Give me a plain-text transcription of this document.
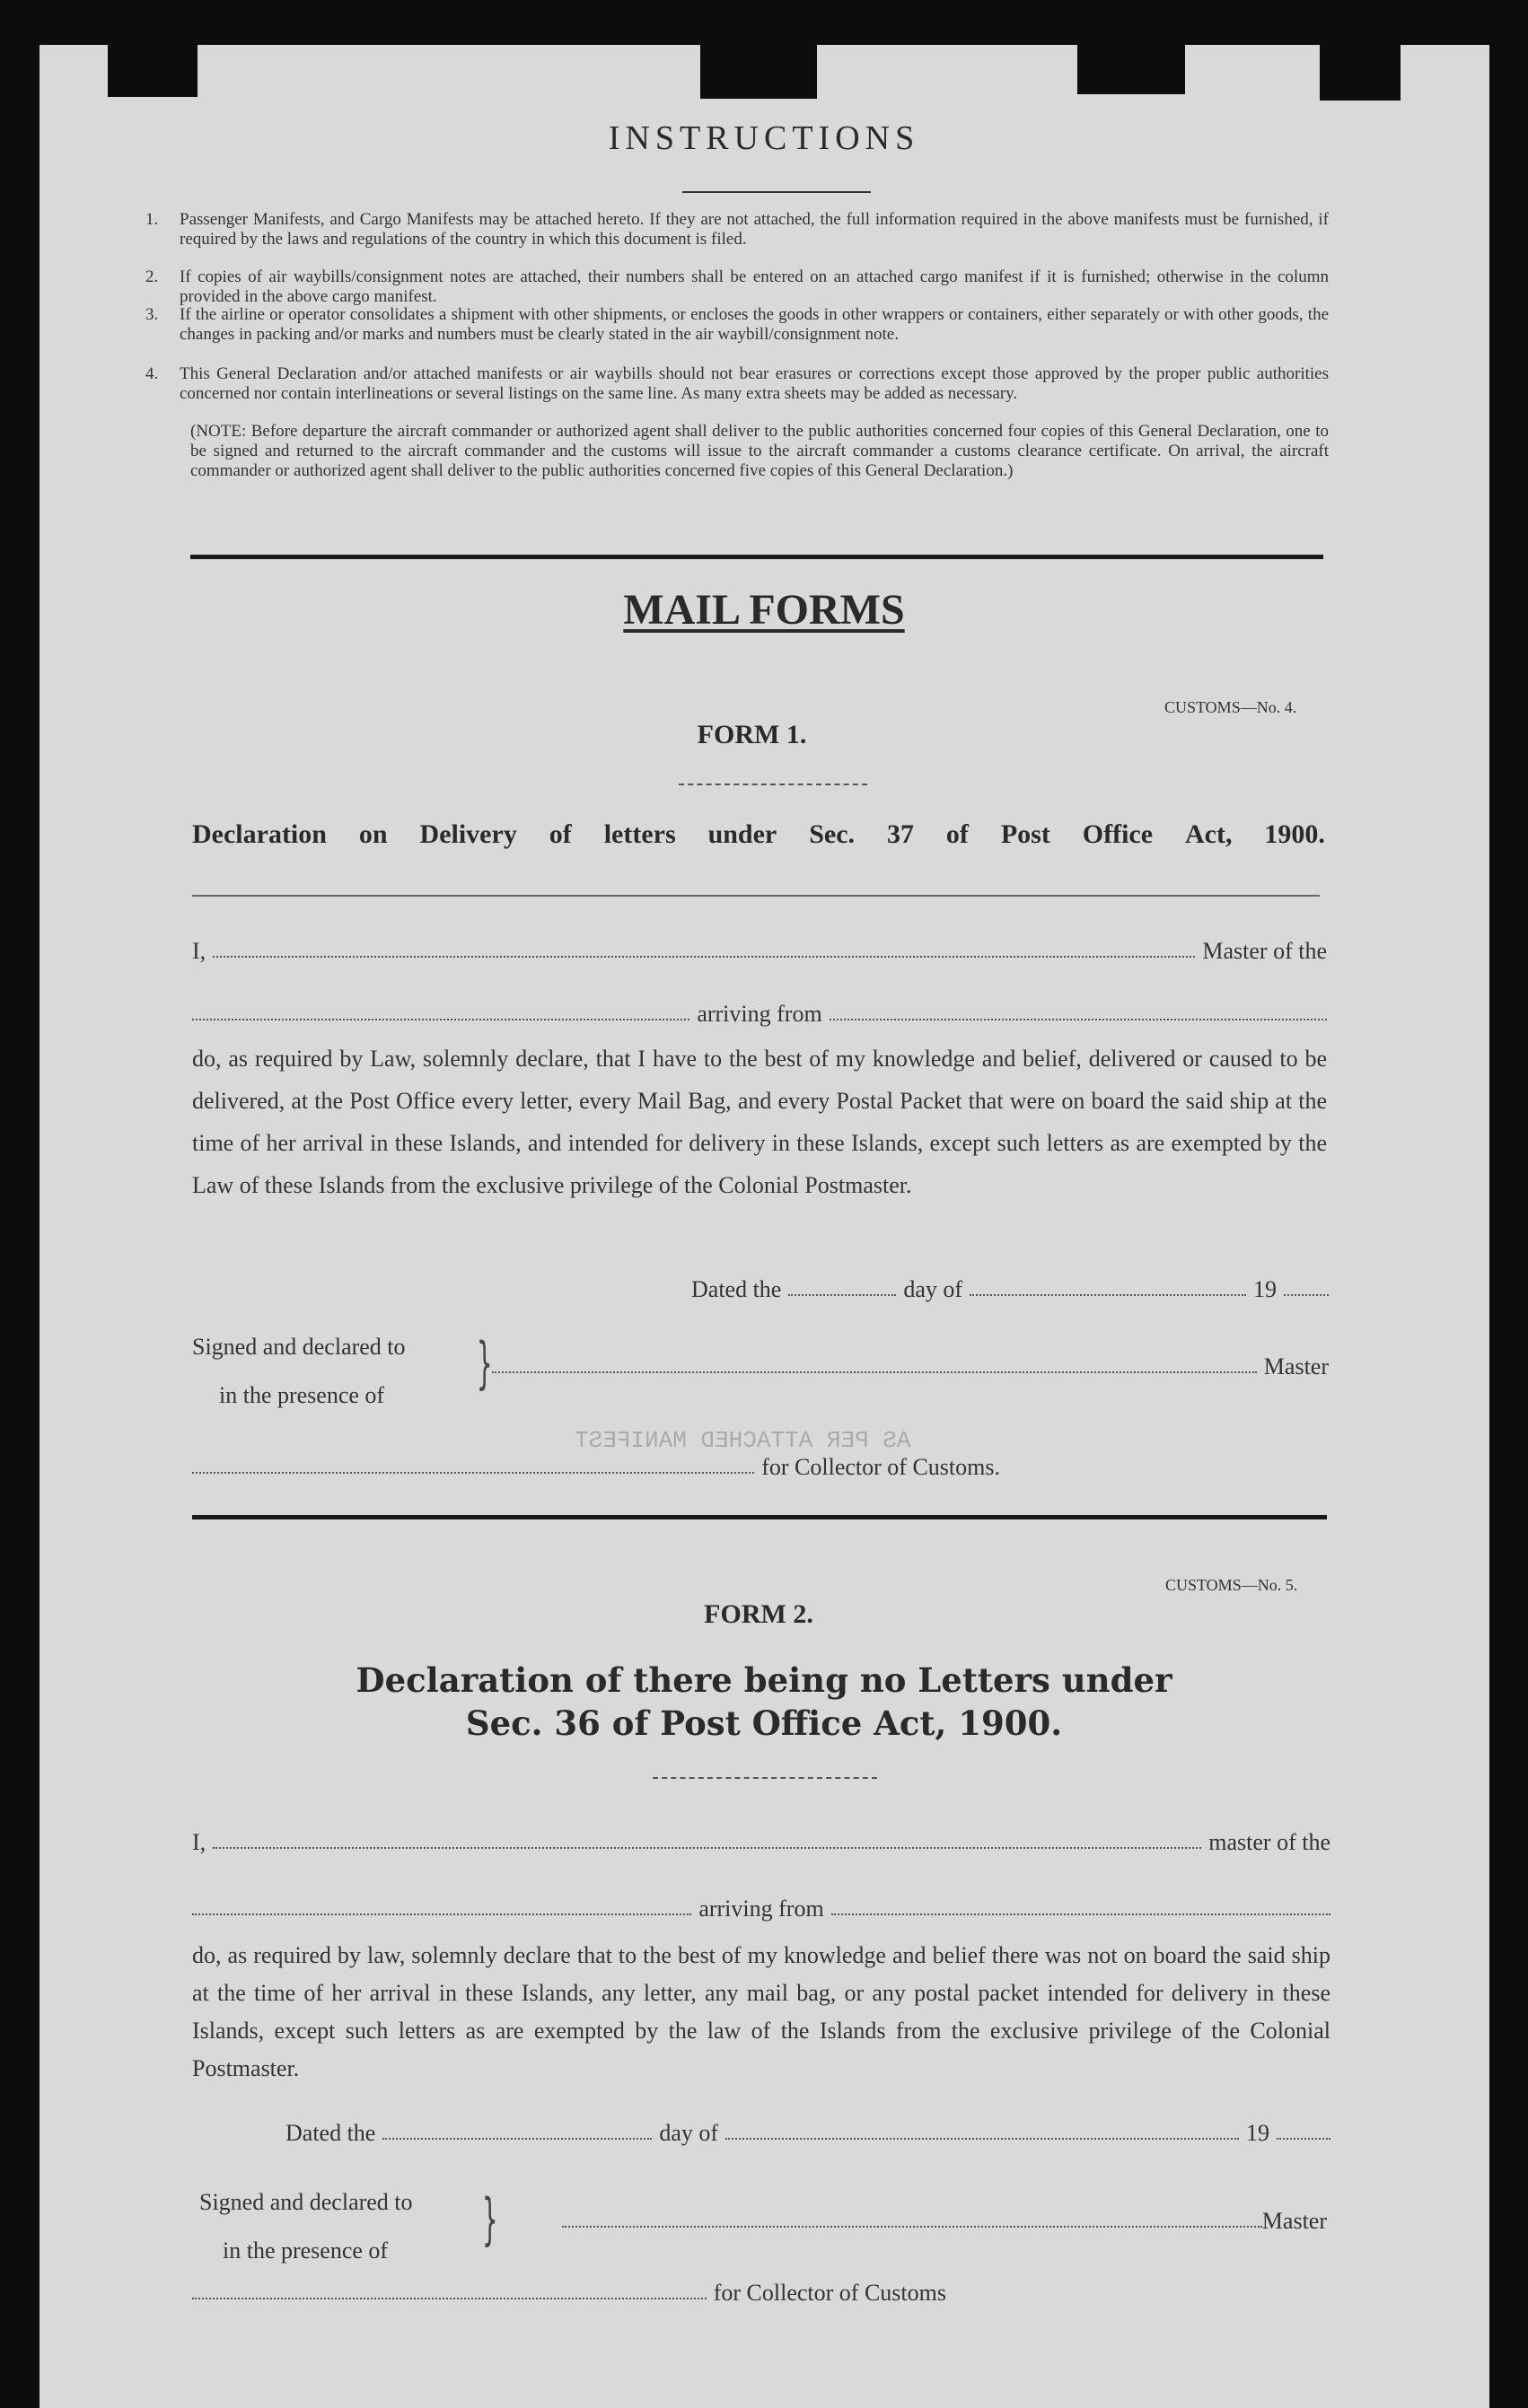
INSTRUCTIONS
1. Passenger Manifests, and Cargo Manifests may be attached hereto. If they are not attached, the full information required in the above manifests must be furnished, if required by the laws and regulations of the country in which this document is filed.
2. If copies of air waybills/consignment notes are attached, their numbers shall be entered on an attached cargo manifest if it is furnished; otherwise in the column provided in the above cargo manifest.
3. If the airline or operator consolidates a shipment with other shipments, or encloses the goods in other wrappers or containers, either separately or with other goods, the changes in packing and/or marks and numbers must be clearly stated in the air waybill/consignment note.
4. This General Declaration and/or attached manifests or air waybills should not bear erasures or corrections except those approved by the proper public authorities concerned nor contain interlineations or several listings on the same line. As many extra sheets may be added as necessary.
(NOTE: Before departure the aircraft commander or authorized agent shall deliver to the public authorities concerned four copies of this General Declaration, one to be signed and returned to the aircraft commander and the customs will issue to the aircraft commander a customs clearance certificate. On arrival, the aircraft commander or authorized agent shall deliver to the public authorities concerned five copies of this General Declaration.)
MAIL FORMS
CUSTOMS—No. 4.
FORM 1.
Declaration on Delivery of letters under Sec. 37 of Post Office Act, 1900.
I,	Master of the
arriving from
do, as required by Law, solemnly declare, that I have to the best of my knowledge and belief, delivered or caused to be delivered, at the Post Office every letter, every Mail Bag, and every Postal Packet that were on board the said ship at the time of her arrival in these Islands, and intended for delivery in these Islands, except such letters as are exempted by the Law of these Islands from the exclusive privilege of the Colonial Postmaster.
Dated the	day of	19
Signed and declared to
in the presence of	}	Master
AS PER ATTACHED MANIFEST
for Collector of Customs.
CUSTOMS—No. 5.
FORM 2.
Declaration of there being no Letters under
Sec. 36 of Post Office Act, 1900.
I,	master of the
arriving from
do, as required by law, solemnly declare that to the best of my knowledge and belief there was not on board the said ship at the time of her arrival in these Islands, any letter, any mail bag, or any postal packet intended for delivery in these Islands, except such letters as are exempted by the law of the Islands from the exclusive privilege of the Colonial Postmaster.
Dated the	day of	19
Signed and declared to
in the presence of	}	Master
for Collector of Customs
